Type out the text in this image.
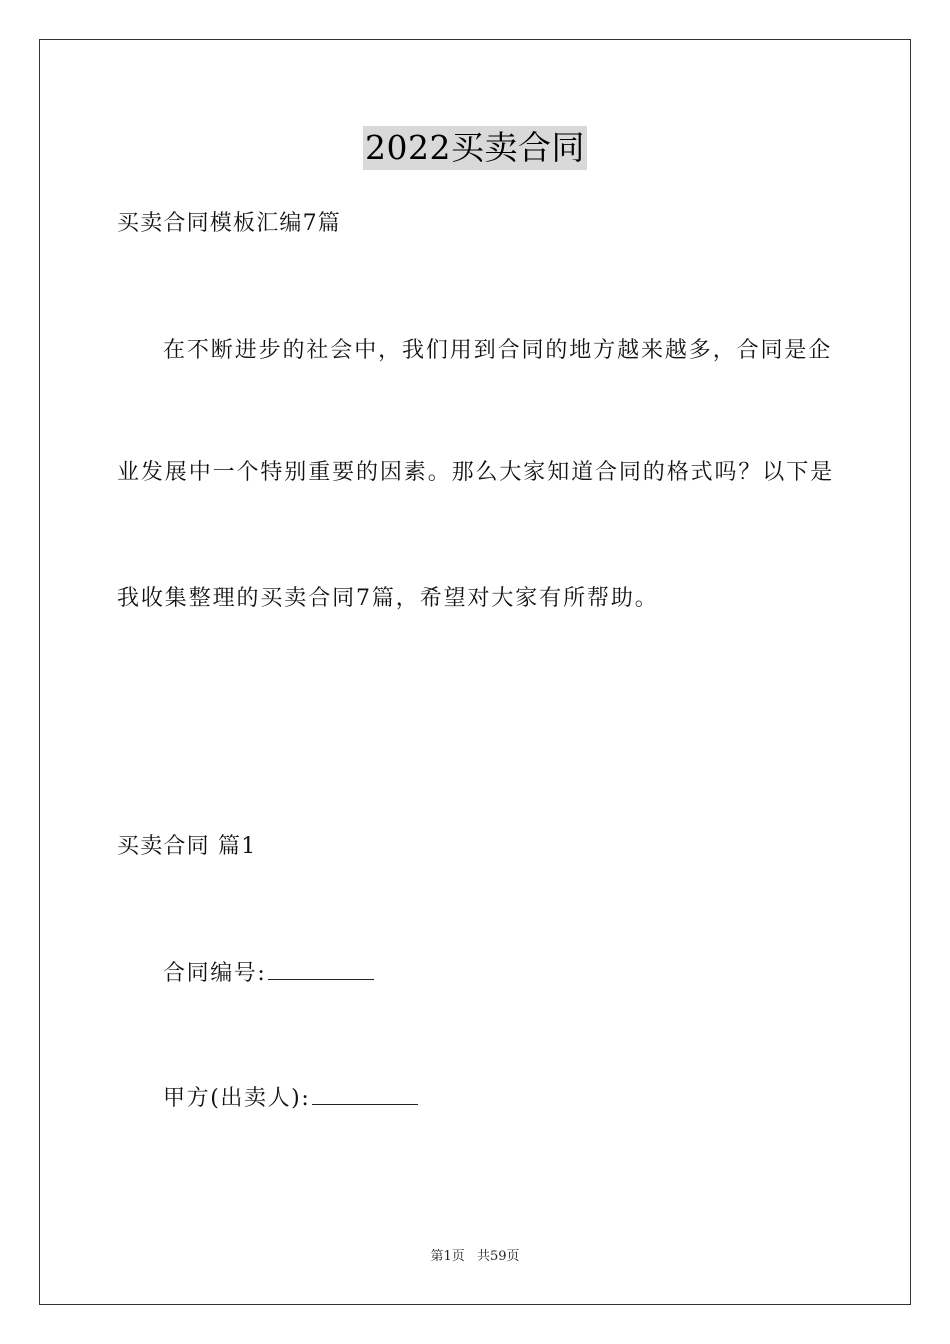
2022买卖合同
买卖合同模板汇编7篇
在不断进步的社会中，我们用到合同的地方越来越多，合同是企
业发展中一个特别重要的因素。那么大家知道合同的格式吗？以下是
我收集整理的买卖合同7篇，希望对大家有所帮助。
买卖合同 篇1
合同编号:
甲方(出卖人):
第1页 共59页
